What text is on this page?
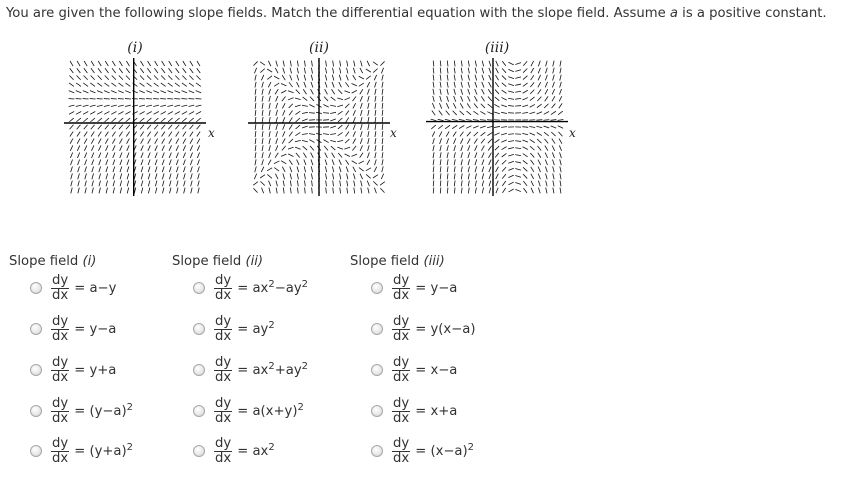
You are given the following slope fields. Match the differential equation with the slope field. Assume a is a positive constant.
(i)
x
(ii)
x
(iii)
x
Slope field (i)
$\frac{dy}{dx} = a-y$
$\frac{dy}{dx} = y-a$
$\frac{dy}{dx} = y+a$
$\frac{dy}{dx} = (y-a)^2$
$\frac{dy}{dx} = (y+a)^2$
Slope field (ii)
$\frac{dy}{dx} = ax^2-ay^2$
$\frac{dy}{dx} = ay^2$
$\frac{dy}{dx} = ax^2+ay^2$
$\frac{dy}{dx} = a(x+y)^2$
$\frac{dy}{dx} = ax^2$
Slope field (iii)
$\frac{dy}{dx} = y-a$
$\frac{dy}{dx} = y(x-a)$
$\frac{dy}{dx} = x-a$
$\frac{dy}{dx} = x+a$
$\frac{dy}{dx} = (x-a)^2$
